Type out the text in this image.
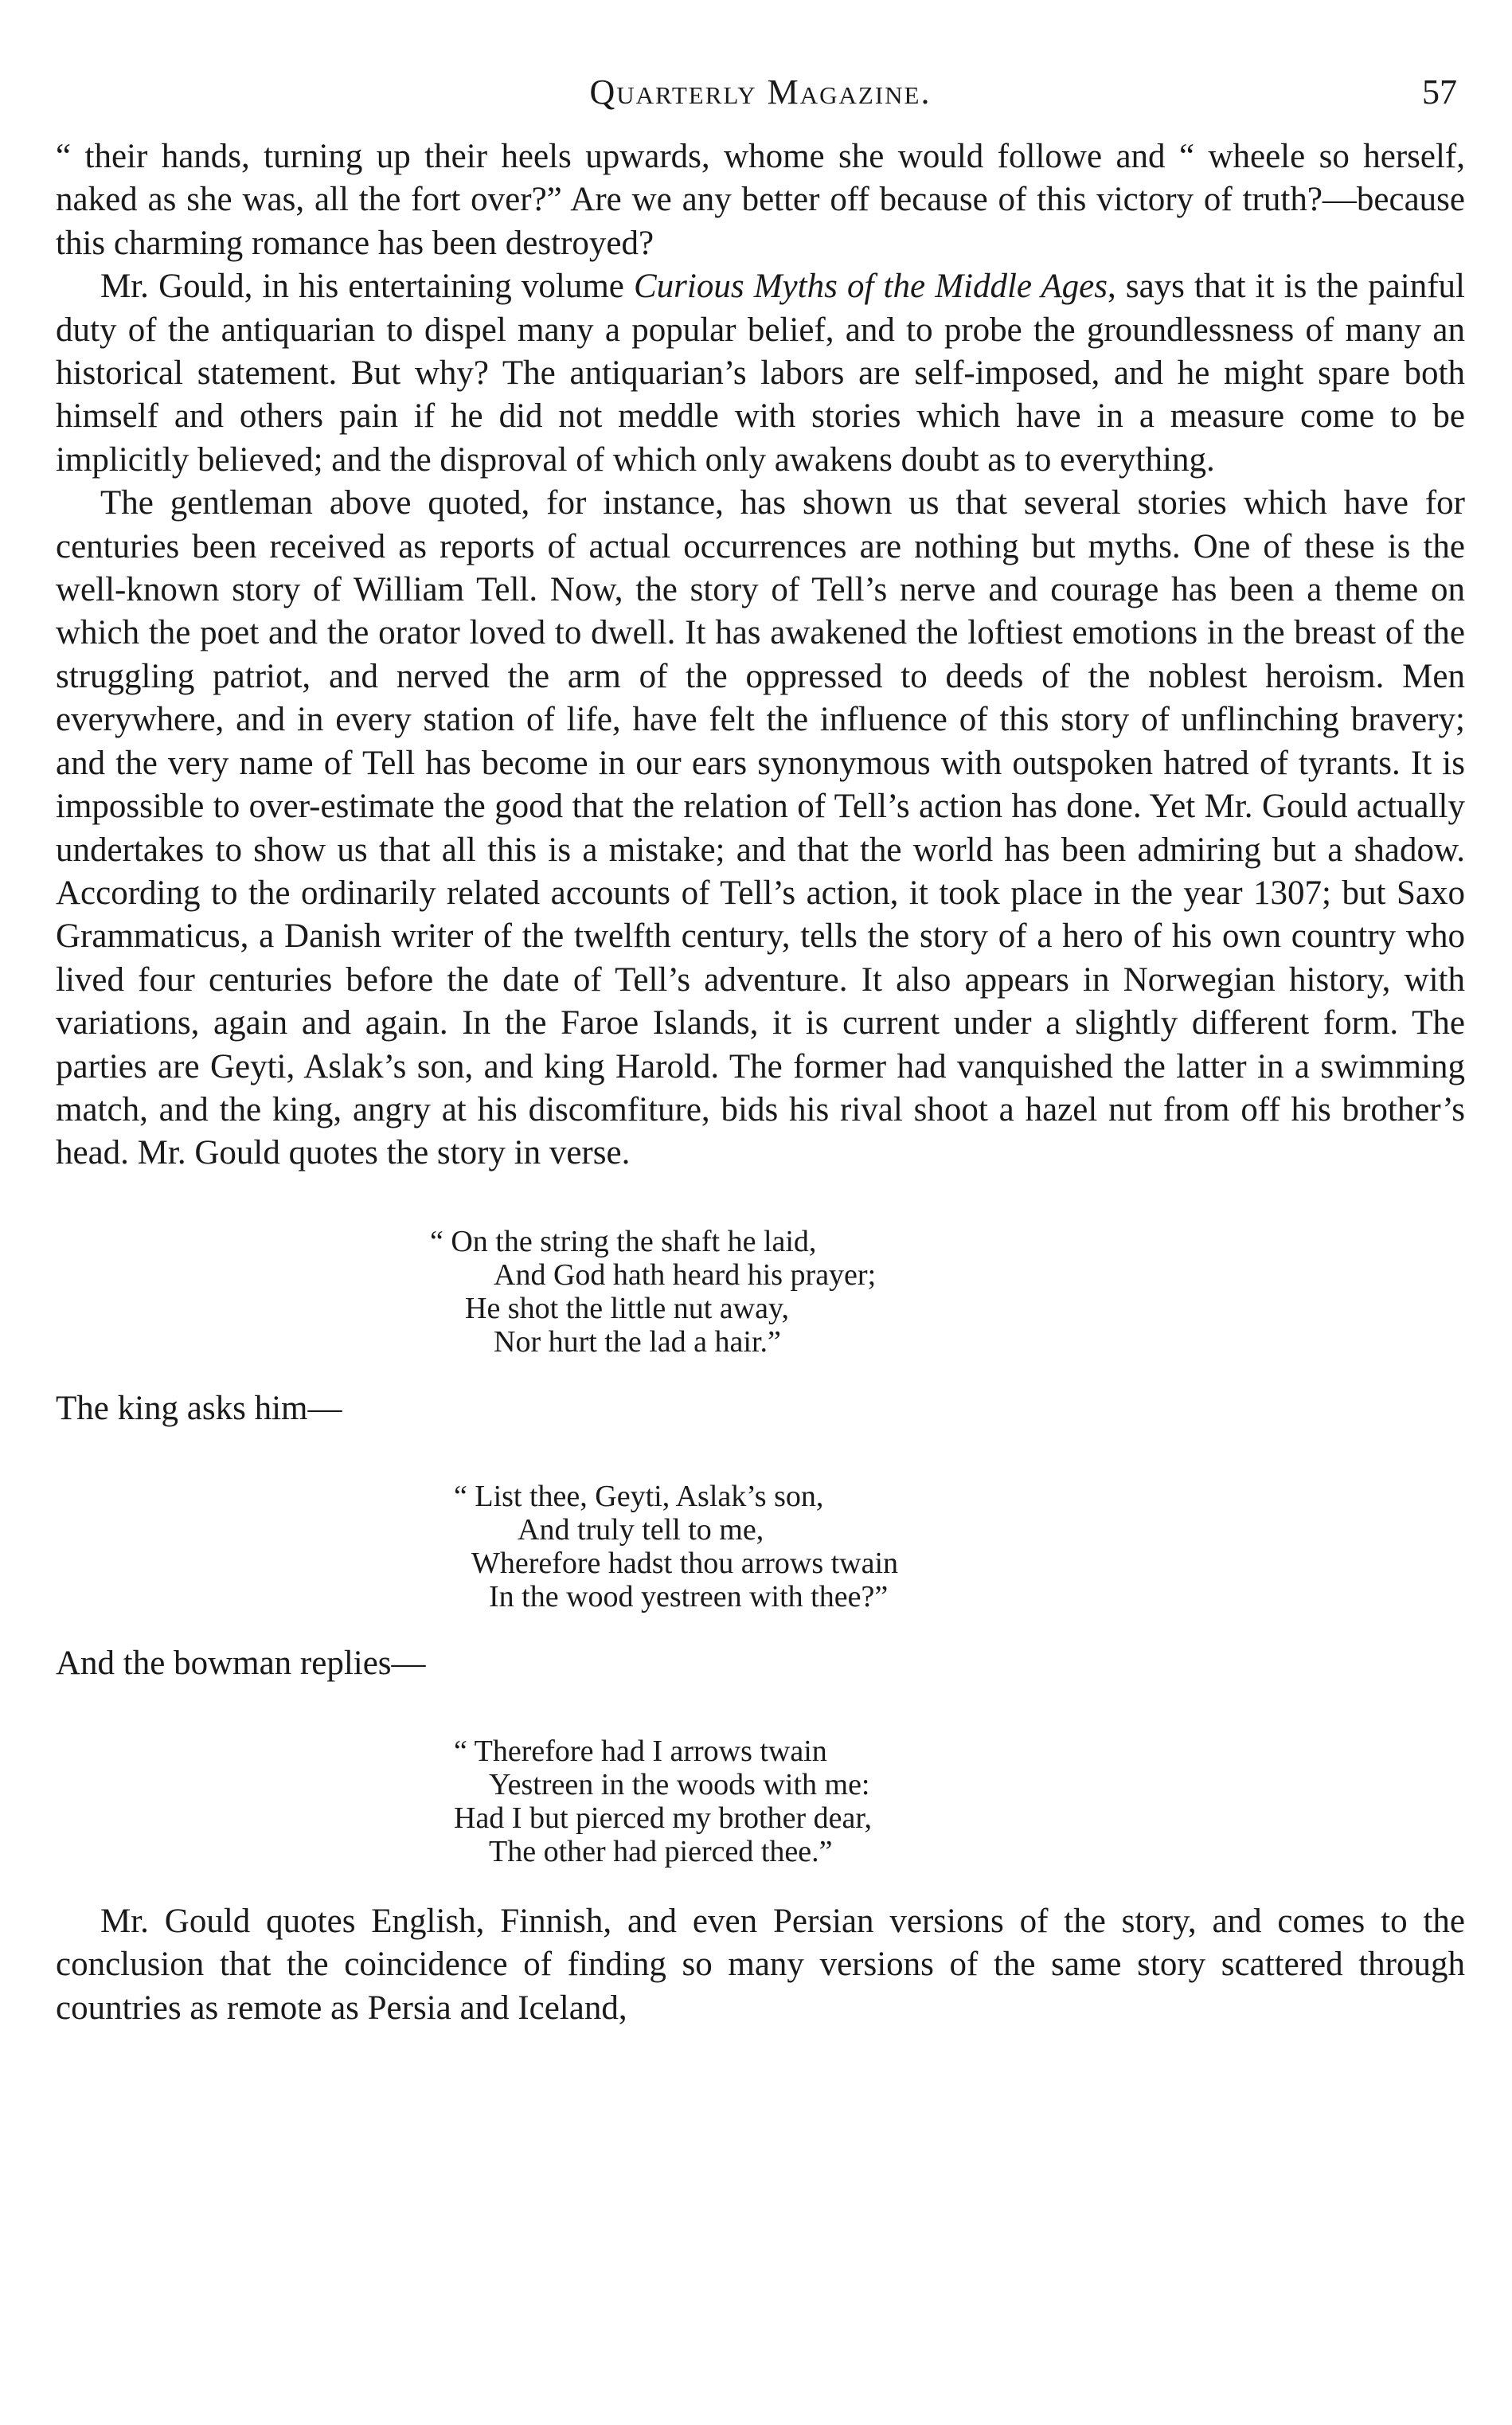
Quarterly Magazine.	57

“ their hands, turning up their heels upwards, whome she would followe and “ wheele so herself, naked as she was, all the fort over?” Are we any better off because of this victory of truth?—because this charming romance has been destroyed?

Mr. Gould, in his entertaining volume Curious Myths of the Middle Ages, says that it is the painful duty of the antiquarian to dispel many a popular belief, and to probe the groundlessness of many an historical statement. But why? The antiquarian’s labors are self-imposed, and he might spare both himself and others pain if he did not meddle with stories which have in a measure come to be implicitly believed; and the disproval of which only awakens doubt as to everything.

The gentleman above quoted, for instance, has shown us that several stories which have for centuries been received as reports of actual occurrences are nothing but myths. One of these is the well-known story of William Tell. Now, the story of Tell’s nerve and courage has been a theme on which the poet and the orator loved to dwell. It has awakened the loftiest emotions in the breast of the struggling patriot, and nerved the arm of the oppressed to deeds of the noblest heroism. Men everywhere, and in every station of life, have felt the influence of this story of unflinching bravery; and the very name of Tell has become in our ears synonymous with outspoken hatred of tyrants. It is impossible to over-estimate the good that the relation of Tell’s action has done. Yet Mr. Gould actually undertakes to show us that all this is a mistake; and that the world has been admiring but a shadow. According to the ordinarily related accounts of Tell’s action, it took place in the year 1307; but Saxo Grammaticus, a Danish writer of the twelfth century, tells the story of a hero of his own country who lived four centuries before the date of Tell’s adventure. It also appears in Norwegian history, with variations, again and again. In the Faroe Islands, it is current under a slightly different form. The parties are Geyti, Aslak’s son, and king Harold. The former had vanquished the latter in a swimming match, and the king, angry at his discomfiture, bids his rival shoot a hazel nut from off his brother’s head. Mr. Gould quotes the story in verse.

“ On the string the shaft he laid,
And God hath heard his prayer;
He shot the little nut away,
Nor hurt the lad a hair.”

The king asks him—

“ List thee, Geyti, Aslak’s son,
And truly tell to me,
Wherefore hadst thou arrows twain
In the wood yestreen with thee?”

And the bowman replies—

“ Therefore had I arrows twain
Yestreen in the woods with me:
Had I but pierced my brother dear,
The other had pierced thee.”

Mr. Gould quotes English, Finnish, and even Persian versions of the story, and comes to the conclusion that the coincidence of finding so many versions of the same story scattered through countries as remote as Persia and Iceland,
